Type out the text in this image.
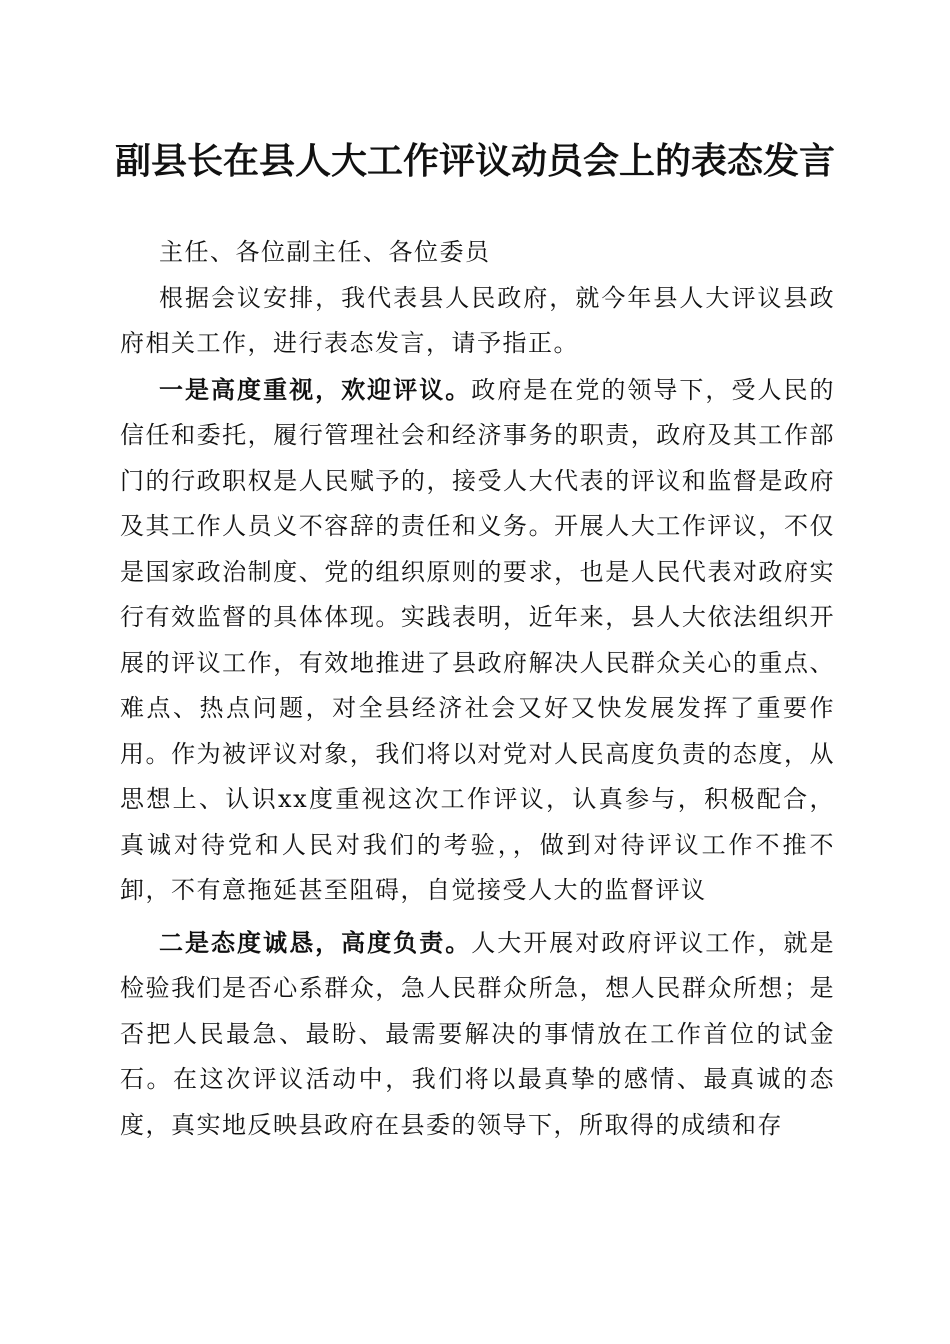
副县长在县人大工作评议动员会上的表态发言

主任、各位副主任、各位委员

根据会议安排，我代表县人民政府，就今年县人大评议县政府相关工作，进行表态发言，请予指正。

一是高度重视，欢迎评议。政府是在党的领导下，受人民的信任和委托，履行管理社会和经济事务的职责，政府及其工作部门的行政职权是人民赋予的，接受人大代表的评议和监督是政府及其工作人员义不容辞的责任和义务。开展人大工作评议，不仅是国家政治制度、党的组织原则的要求，也是人民代表对政府实行有效监督的具体体现。实践表明，近年来，县人大依法组织开展的评议工作，有效地推进了县政府解决人民群众关心的重点、难点、热点问题，对全县经济社会又好又快发展发挥了重要作用。作为被评议对象，我们将以对党对人民高度负责的态度，从思想上、认识xx度重视这次工作评议，认真参与，积极配合，真诚对待党和人民对我们的考验，，做到对待评议工作不推不卸，不有意拖延甚至阻碍，自觉接受人大的监督评议

二是态度诚恳，高度负责。人大开展对政府评议工作，就是检验我们是否心系群众，急人民群众所急，想人民群众所想；是否把人民最急、最盼、最需要解决的事情放在工作首位的试金石。在这次评议活动中，我们将以最真挚的感情、最真诚的态度，真实地反映县政府在县委的领导下，所取得的成绩和存
